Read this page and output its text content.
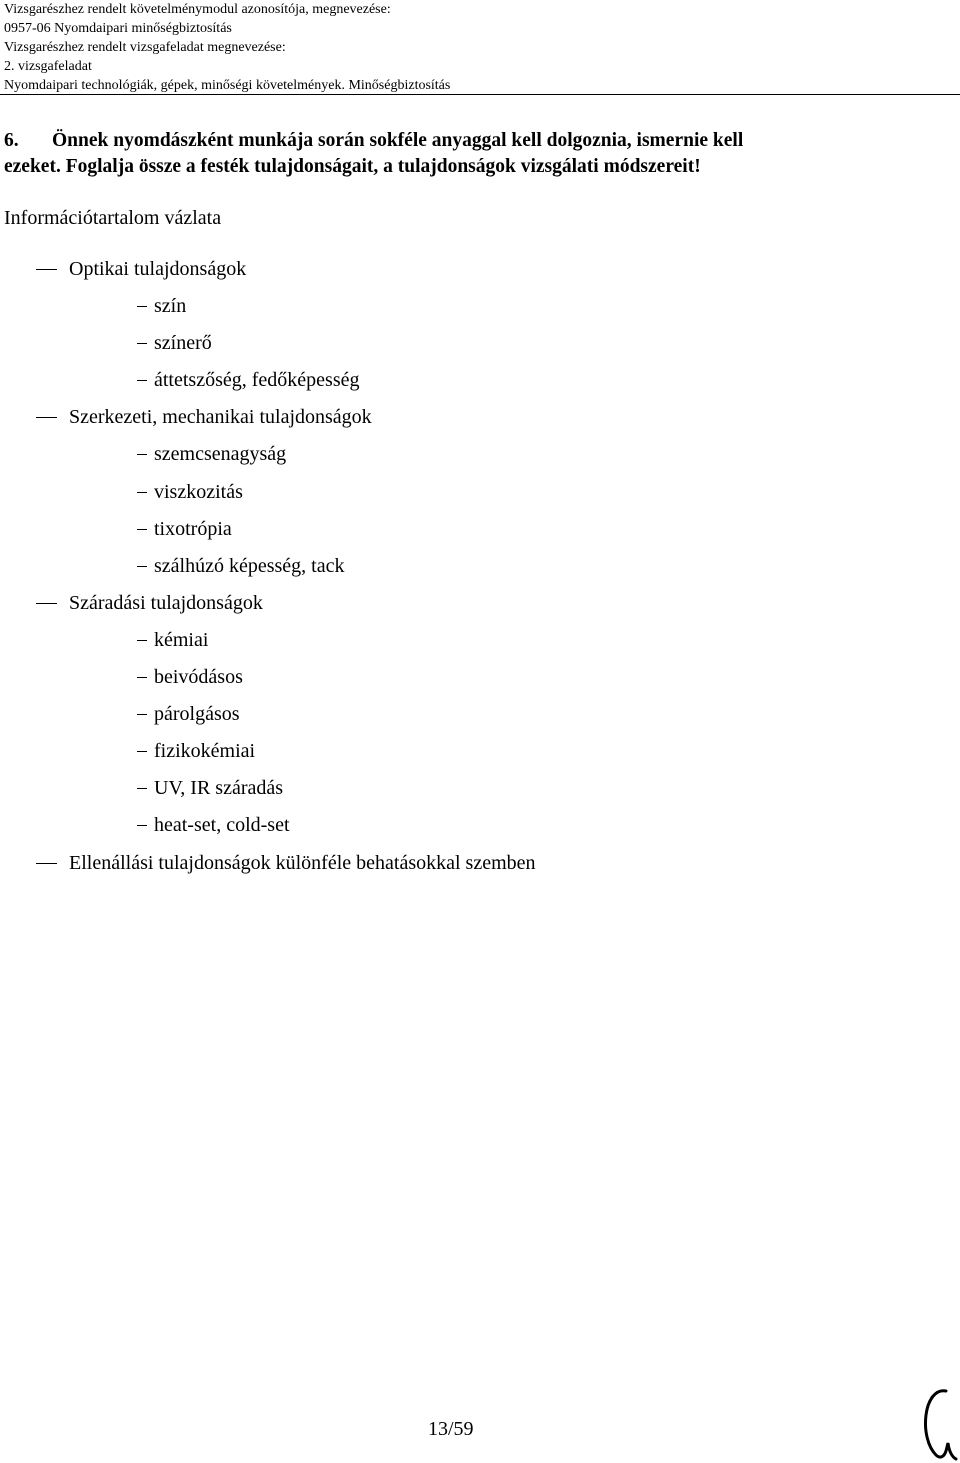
Vizsgarészhez rendelt követelménymodul azonosítója, megnevezése:
0957-06 Nyomdaipari minőségbiztosítás
Vizsgarészhez rendelt vizsgafeladat megnevezése:
2. vizsgafeladat
Nyomdaipari technológiák, gépek, minőségi követelmények. Minőségbiztosítás
6. Önnek nyomdászként munkája során sokféle anyaggal kell dolgoznia, ismernie kell
ezeket. Foglalja össze a festék tulajdonságait, a tulajdonságok vizsgálati módszereit!
Információtartalom vázlata
Optikai tulajdonságok
szín
színerő
áttetszőség, fedőképesség
Szerkezeti, mechanikai tulajdonságok
szemcsenagyság
viszkozitás
tixotrópia
szálhúzó képesség, tack
Száradási tulajdonságok
kémiai
beivódásos
párolgásos
fizikokémiai
UV, IR száradás
heat-set, cold-set
Ellenállási tulajdonságok különféle behatásokkal szemben
13/59
